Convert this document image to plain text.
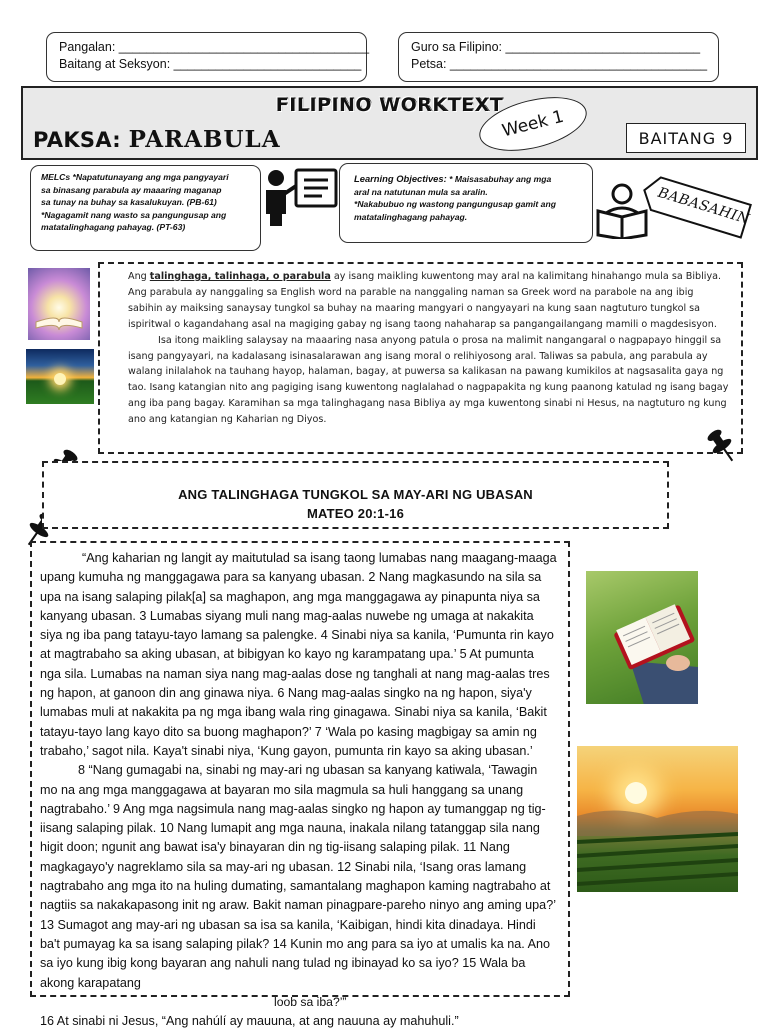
Pangalan: ____________________________________
Baitang at Seksyon: ___________________________
Guro sa Filipino: ____________________________
Petsa: _____________________________________
FILIPINO WORKTEXT
PAKSA: PARABULA	Week 1	BAITANG 9
MELCs *Napatutunayang ang mga pangyayari
sa binasang parabula ay maaaring maganap
sa tunay na buhay sa kasalukuyan. (PB-61)
*Nagagamit nang wasto sa pangungusap ang
matatalinghagang pahayag. (PT-63)
Learning Objectives: * Maisasabuhay ang mga
aral na natutunan mula sa aralin.
*Nakabubuo ng wastong pangungusap gamit ang
matatalinghagang pahayag.	BABASAHIN

Ang talinghaga, talinhaga, o parabula ay isang maikling kuwentong may aral na kalimitang hinahango mula sa Bibliya. Ang parabula ay nanggaling sa English word na parable na nanggaling naman sa Greek word na parabole na ang ibig sabihin ay maiksing sanaysay tungkol sa buhay na maaring mangyari o nangyayari na kung saan nagtuturo tungkol sa ispiritwal o kagandahang asal na magiging gabay ng isang taong nahaharap sa pangangailangang mamili o magdesisyon.

Isa itong maikling salaysay na maaaring nasa anyong patula o prosa na malimit nangangaral o nagpapayo hinggil sa isang pangyayari, na kadalasang isinasalarawan ang isang moral o relihiyosong aral. Taliwas sa pabula, ang parabula ay walang inilalahok na tauhang hayop, halaman, bagay, at puwersa sa kalikasan na pawang kumikilos at nagsasalita gaya ng tao. Isang katangian nito ang pagiging isang kuwentong naglalahad o nagpapakita ng kung paanong katulad ng isang bagay ang iba pang bagay. Karamihan sa mga talinghagang nasa Bibliya ay mga kuwentong sinabi ni Hesus, na nagtuturo ng kung ano ang katangian ng Kaharian ng Diyos.

ANG TALINGHAGA TUNGKOL SA MAY-ARI NG UBASAN
MATEO 20:1-16

“Ang kaharian ng langit ay maitutulad sa isang taong lumabas nang maagang-maaga upang kumuha ng manggagawa para sa kanyang ubasan. 2 Nang magkasundo na sila sa upa na isang salaping pilak[a] sa maghapon, ang mga manggagawa ay pinapunta niya sa kanyang ubasan. 3 Lumabas siyang muli nang mag-aalas nuwebe ng umaga at nakakita siya ng iba pang tatayu-tayo lamang sa palengke. 4 Sinabi niya sa kanila, ‘Pumunta rin kayo at magtrabaho sa aking ubasan, at bibigyan ko kayo ng karampatang upa.’ 5 At pumunta nga sila. Lumabas na naman siya nang mag-aalas dose ng tanghali at nang mag-aalas tres ng hapon, at ganoon din ang ginawa niya. 6 Nang mag-aalas singko na ng hapon, siya'y lumabas muli at nakakita pa ng mga ibang wala ring ginagawa. Sinabi niya sa kanila, ‘Bakit tatayu-tayo lang kayo dito sa buong maghapon?’ 7 ‘Wala po kasing magbigay sa amin ng trabaho,’ sagot nila. Kaya't sinabi niya, ‘Kung gayon, pumunta rin kayo sa aking ubasan.’

8 “Nang gumagabi na, sinabi ng may-ari ng ubasan sa kanyang katiwala, ‘Tawagin mo na ang mga manggagawa at bayaran mo sila magmula sa huli hanggang sa unang nagtrabaho.’ 9 Ang mga nagsimula nang mag-aalas singko ng hapon ay tumanggap ng tig-iisang salaping pilak. 10 Nang lumapit ang mga nauna, inakala nilang tatanggap sila nang higit doon; ngunit ang bawat isa'y binayaran din ng tig-iisang salaping pilak. 11 Nang magkagayo'y nagreklamo sila sa may-ari ng ubasan. 12 Sinabi nila, ‘Isang oras lamang nagtrabaho ang mga ito na huling dumating, samantalang maghapon kaming nagtrabaho at nagtiis sa nakakapasong init ng araw. Bakit naman pinagpare-pareho ninyo ang aming upa?’ 13 Sumagot ang may-ari ng ubasan sa isa sa kanila, ‘Kaibigan, hindi kita dinadaya. Hindi ba't pumayag ka sa isang salaping pilak? 14 Kunin mo ang para sa iyo at umalis ka na. Ano sa iyo kung ibig kong bayaran ang nahuli nang tulad ng ibinayad ko sa iyo? 15 Wala ba akong karapatang

loob sa iba?’”

16 At sinabi ni Jesus, “Ang nahúlí ay mauuna, at ang nauuna ay mahuhuli.”
